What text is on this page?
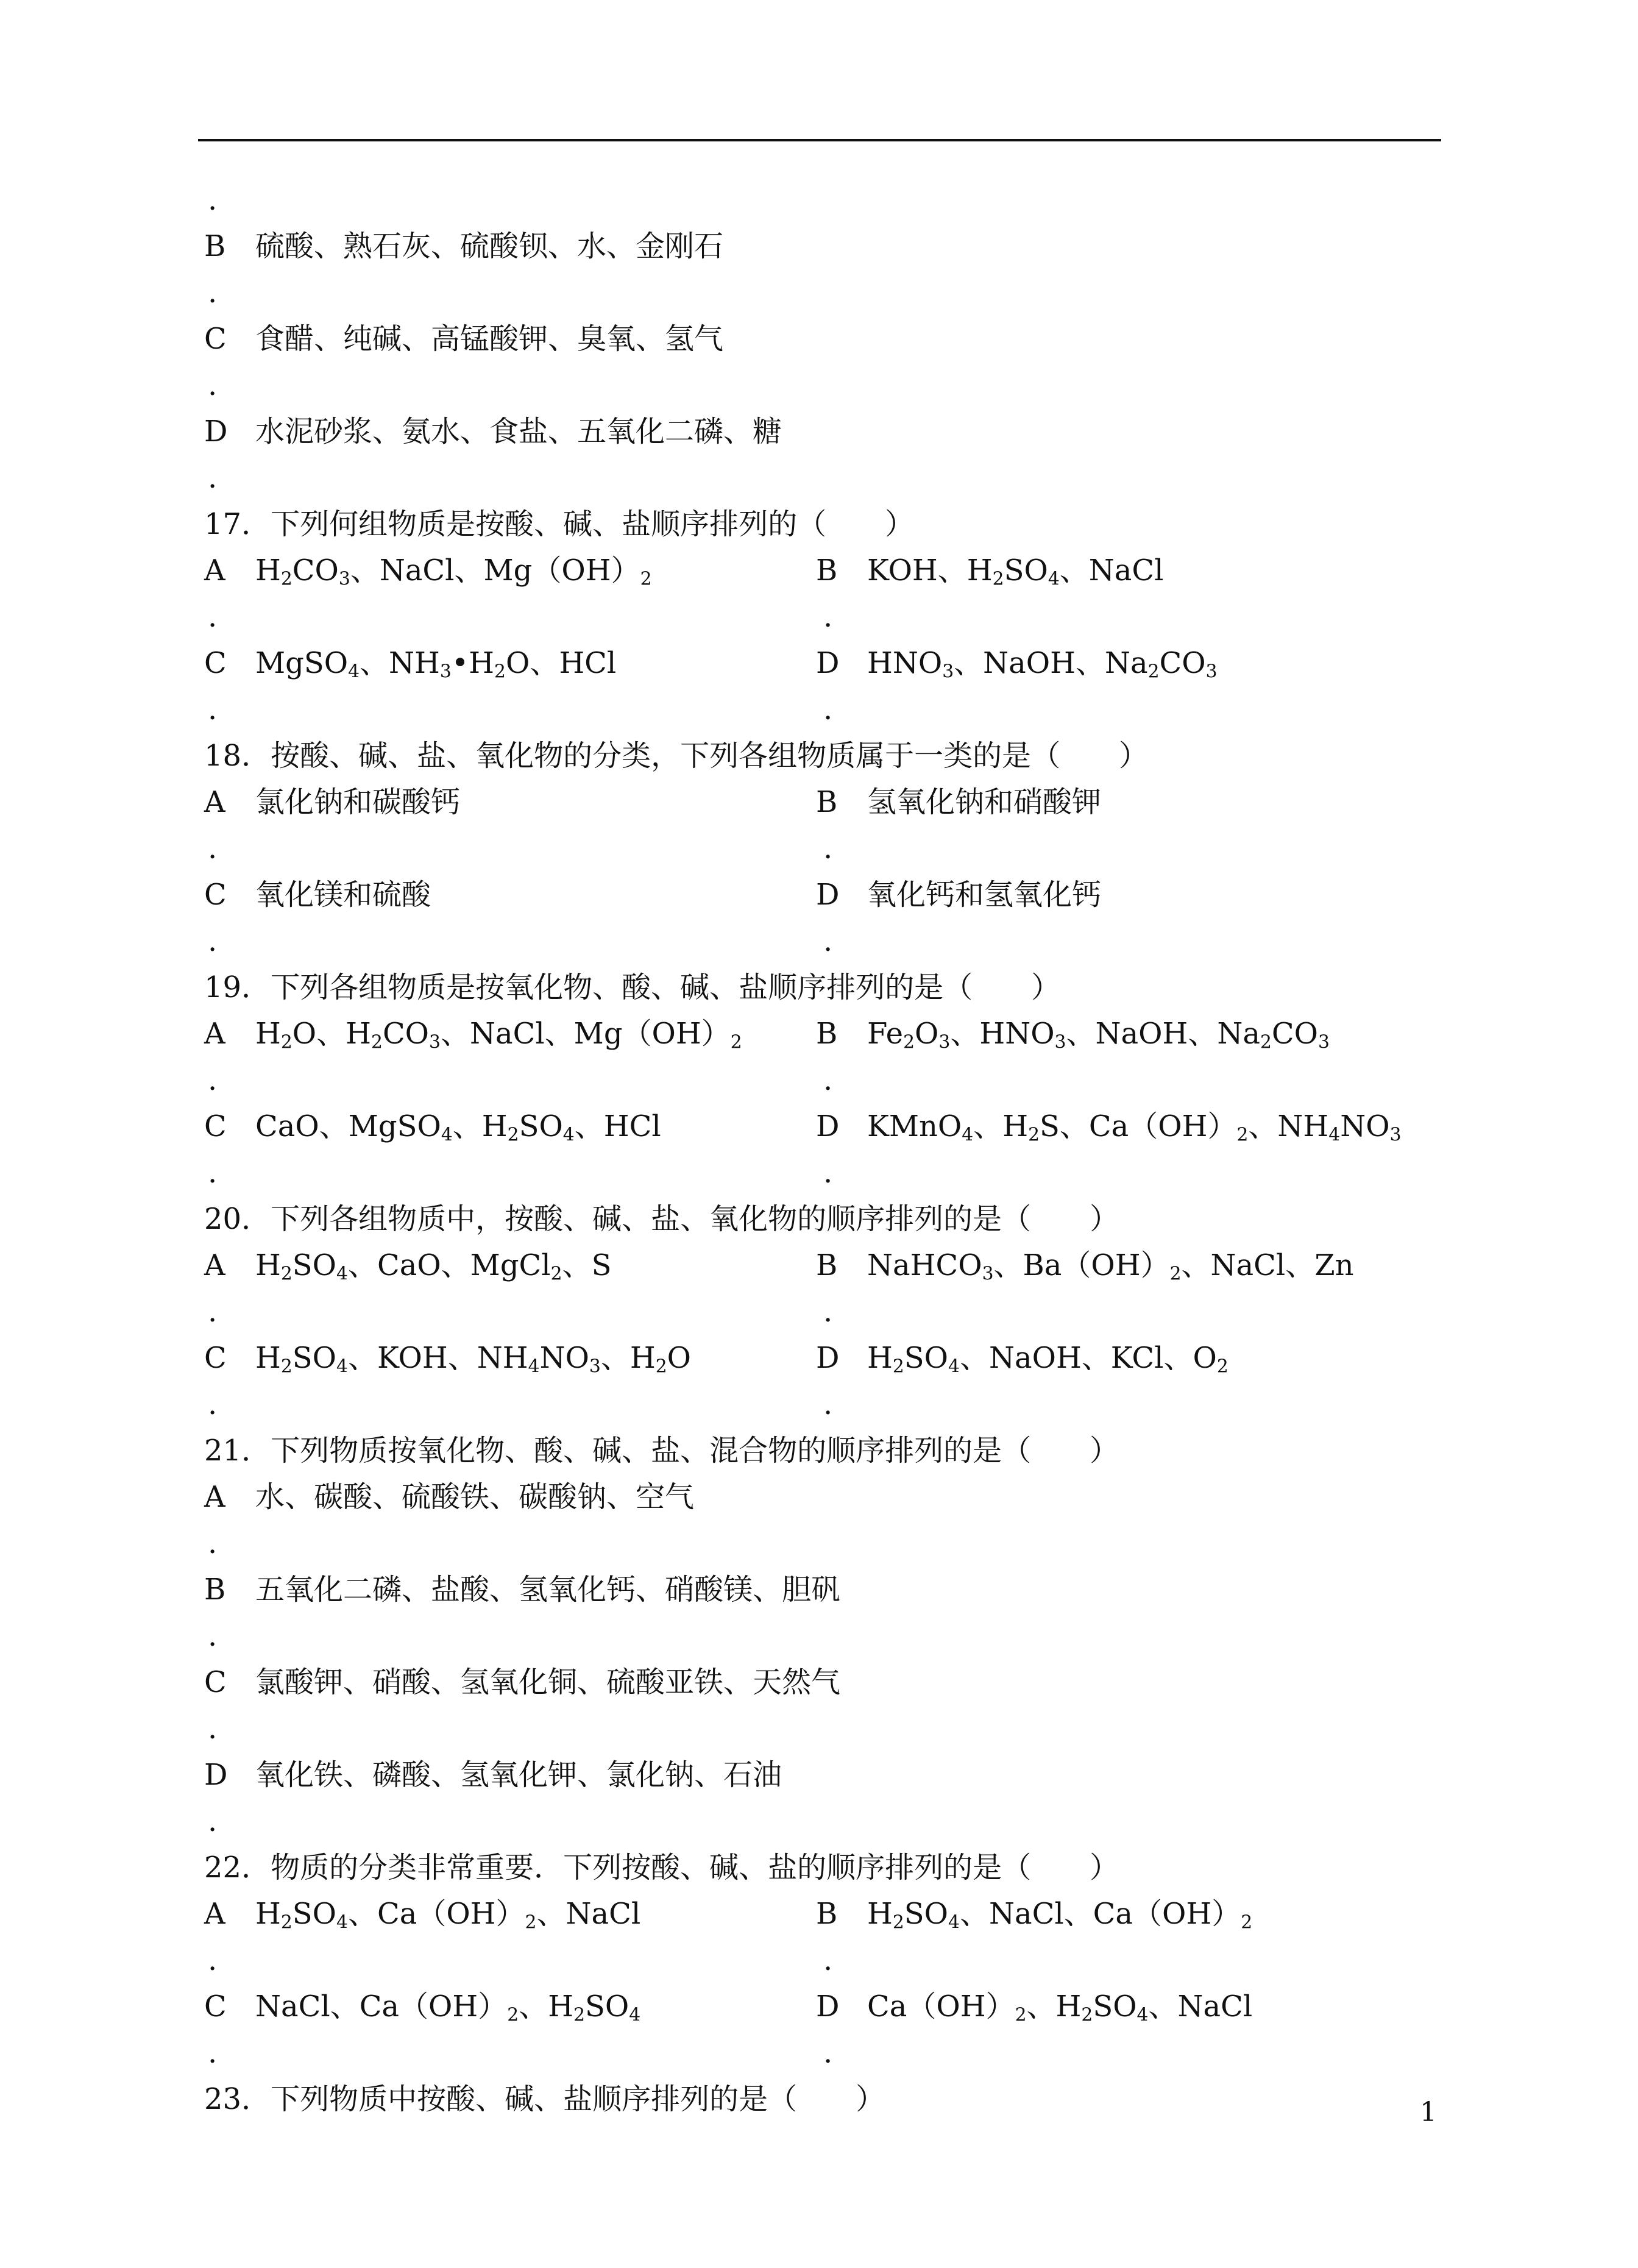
.
B	硫酸、熟石灰、硫酸钡、水、金刚石
.
C 食醋、纯碱、高锰酸钾、臭氧、氢气
.
D 水泥砂浆、氨水、食盐、五氧化二磷、糖
.
17．下列何组物质是按酸、碱、盐顺序排列的（　　）
A	$H_2CO_3$、NaCl、$Mg(OH)_2$	B	KOH、$H_2SO_4$、NaCl
.	.
C MgSO$_4$、$NH_3•H_2O$、HCl	D $HNO_3$、NaOH、$Na_2CO_3$
.	.
18．按酸、碱、盐、氧化物的分类，下列各组物质属于一类的是（　　）
A	氯化钠和碳酸钙	B	氢氧化钠和硝酸钾
.	.
C 氧化镁和硫酸	D 氧化钙和氢氧化钙
.	.
19．下列各组物质是按氧化物、酸、碱、盐顺序排列的是（　　）
A	$H_2O$、$H_2CO_3$、NaCl、$Mg(OH)_2$	B	$Fe_2O_3$、$HNO_3$、NaOH、$Na_2CO_3$
.	.
C CaO、MgSO$_4$、$H_2SO_4$、HCl	D KMnO$_4$、$H_2S$、$Ca(OH)_2$、$NH_4NO_3$
.	.
20．下列各组物质中，按酸、碱、盐、氧化物的顺序排列的是（　　）
A	$H_2SO_4$、CaO、MgCl$_2$、S	B	NaHCO$_3$、$Ba(OH)_2$、NaCl、Zn
.	.
C $H_2SO_4$、KOH、$NH_4NO_3$、$H_2O$	D $H_2SO_4$、NaOH、KCl、$O_2$
.	.
21．下列物质按氧化物、酸、碱、盐、混合物的顺序排列的是（　　）
A	水、碳酸、硫酸铁、碳酸钠、空气
.
B	五氧化二磷、盐酸、氢氧化钙、硝酸镁、胆矾
.
C 氯酸钾、硝酸、氢氧化铜、硫酸亚铁、天然气
.
D 氧化铁、磷酸、氢氧化钾、氯化钠、石油
.
22．物质的分类非常重要．下列按酸、碱、盐的顺序排列的是（　　）
A	$H_2SO_4$、$Ca(OH)_2$、NaCl	B	$H_2SO_4$、NaCl、$Ca(OH)_2$
.	.
C NaCl、$Ca(OH)_2$、$H_2SO_4$	D $Ca(OH)_2$、$H_2SO_4$、NaCl
.	.
23．下列物质中按酸、碱、盐顺序排列的是（　　）	1
